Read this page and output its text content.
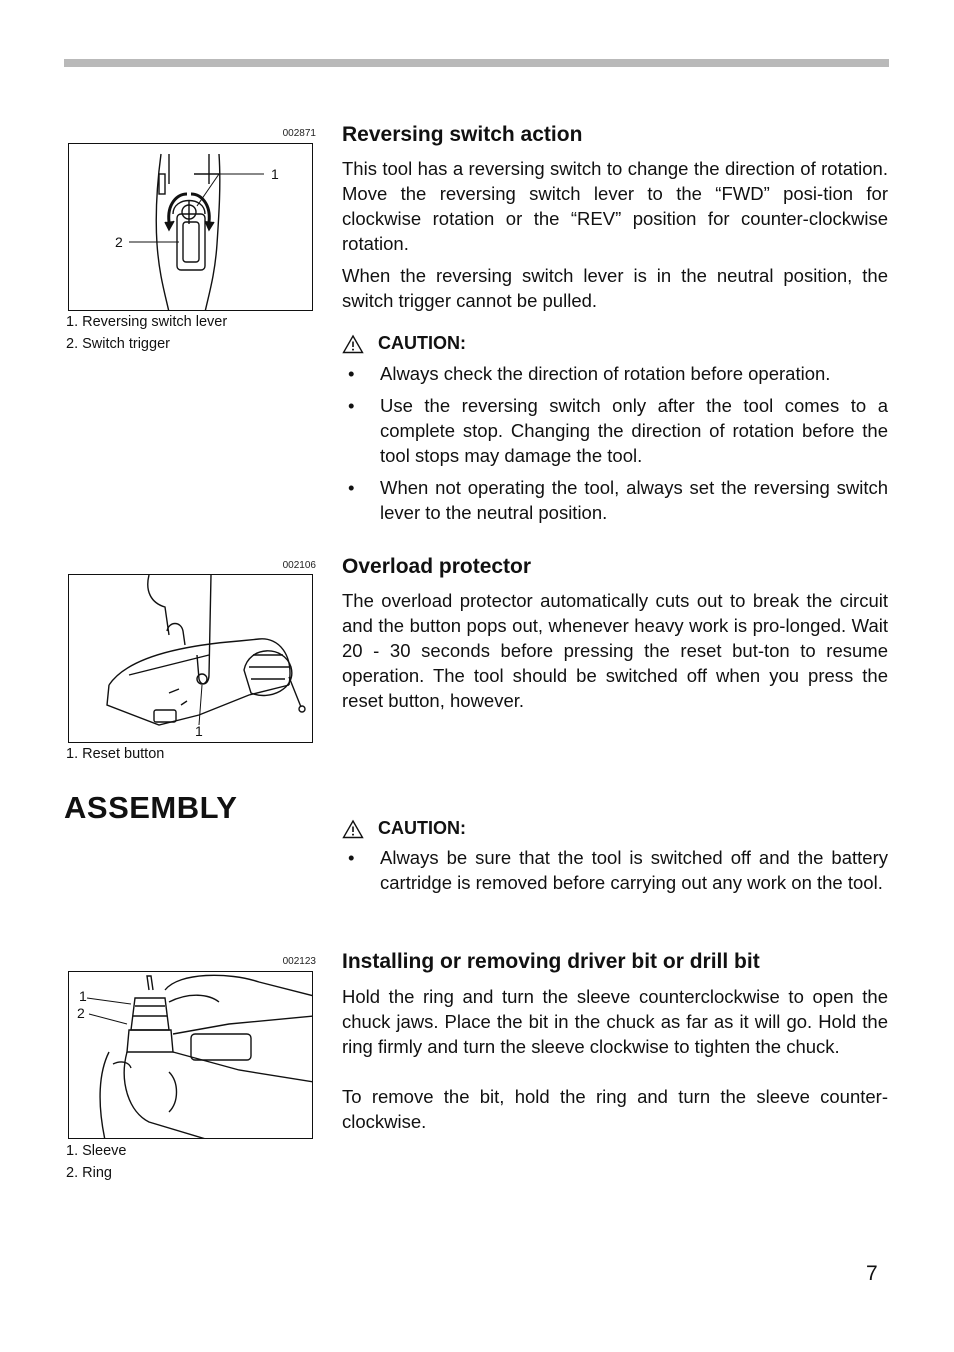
002871
1
2
1. Reversing switch lever
2. Switch trigger
Reversing switch action

This tool has a reversing switch to change the direction of rotation. Move the reversing switch lever to the “FWD” posi-tion for clockwise rotation or the “REV” position for counter-clockwise rotation.

When the reversing switch lever is in the neutral position, the switch trigger cannot be pulled.

CAUTION:
• Always check the direction of rotation before operation.
• Use the reversing switch only after the tool comes to a complete stop. Changing the direction of rotation before the tool stops may damage the tool.
• When not operating the tool, always set the reversing switch lever to the neutral position.
002106
1
1. Reset button
Overload protector

The overload protector automatically cuts out to break the circuit and the button pops out, whenever heavy work is pro-longed. Wait 20 - 30 seconds before pressing the reset but-ton to resume operation. The tool should be switched off when you press the reset button, however.

ASSEMBLY
CAUTION:
• Always be sure that the tool is switched off and the battery cartridge is removed before carrying out any work on the tool.
002123
1
2
1. Sleeve
2. Ring
Installing or removing driver bit or drill bit

Hold the ring and turn the sleeve counterclockwise to open the chuck jaws. Place the bit in the chuck as far as it will go. Hold the ring firmly and turn the sleeve clockwise to tighten the chuck.

To remove the bit, hold the ring and turn the sleeve counter-clockwise.

7
